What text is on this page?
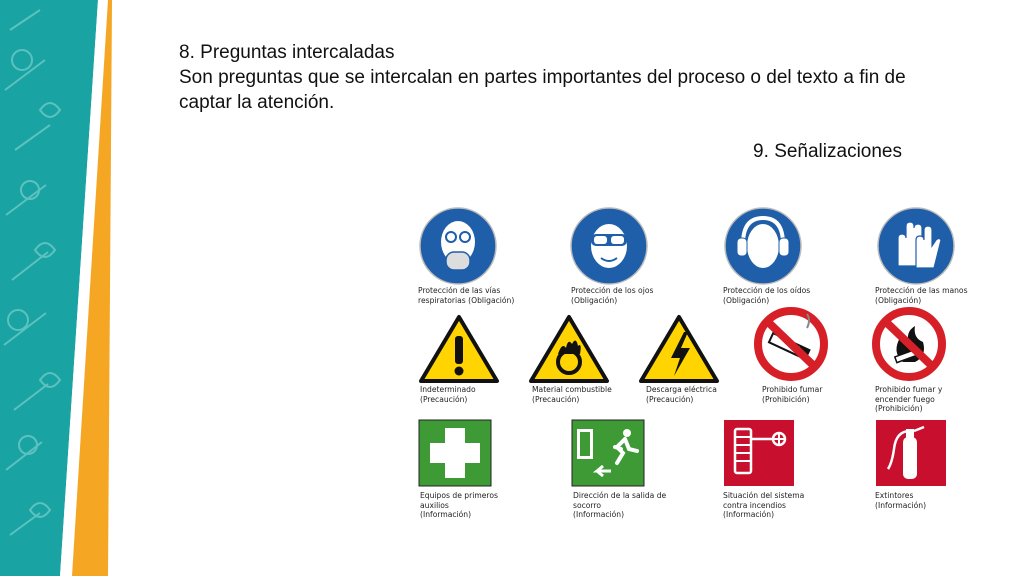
8. Preguntas intercaladas
Son preguntas que se intercalan en partes importantes del proceso o del texto a fin de captar la atención.
9. Señalizaciones
Protección de las vías
respiratorias (Obligación)
Protección de los ojos
(Obligación)
Protección de los oídos
(Obligación)
Protección de las manos
(Obligación)
Indeterminado
(Precaución)
Material combustible
(Precaución)
Descarga eléctrica
(Precaución)
Prohibido fumar
(Prohibición)
Prohibido fumar y
encender fuego
(Prohibición)
Equipos de primeros
auxilios
(Información)
Dirección de la salida de
socorro
(Información)
Situación del sistema
contra incendios
(Información)
Extintores
(Información)
